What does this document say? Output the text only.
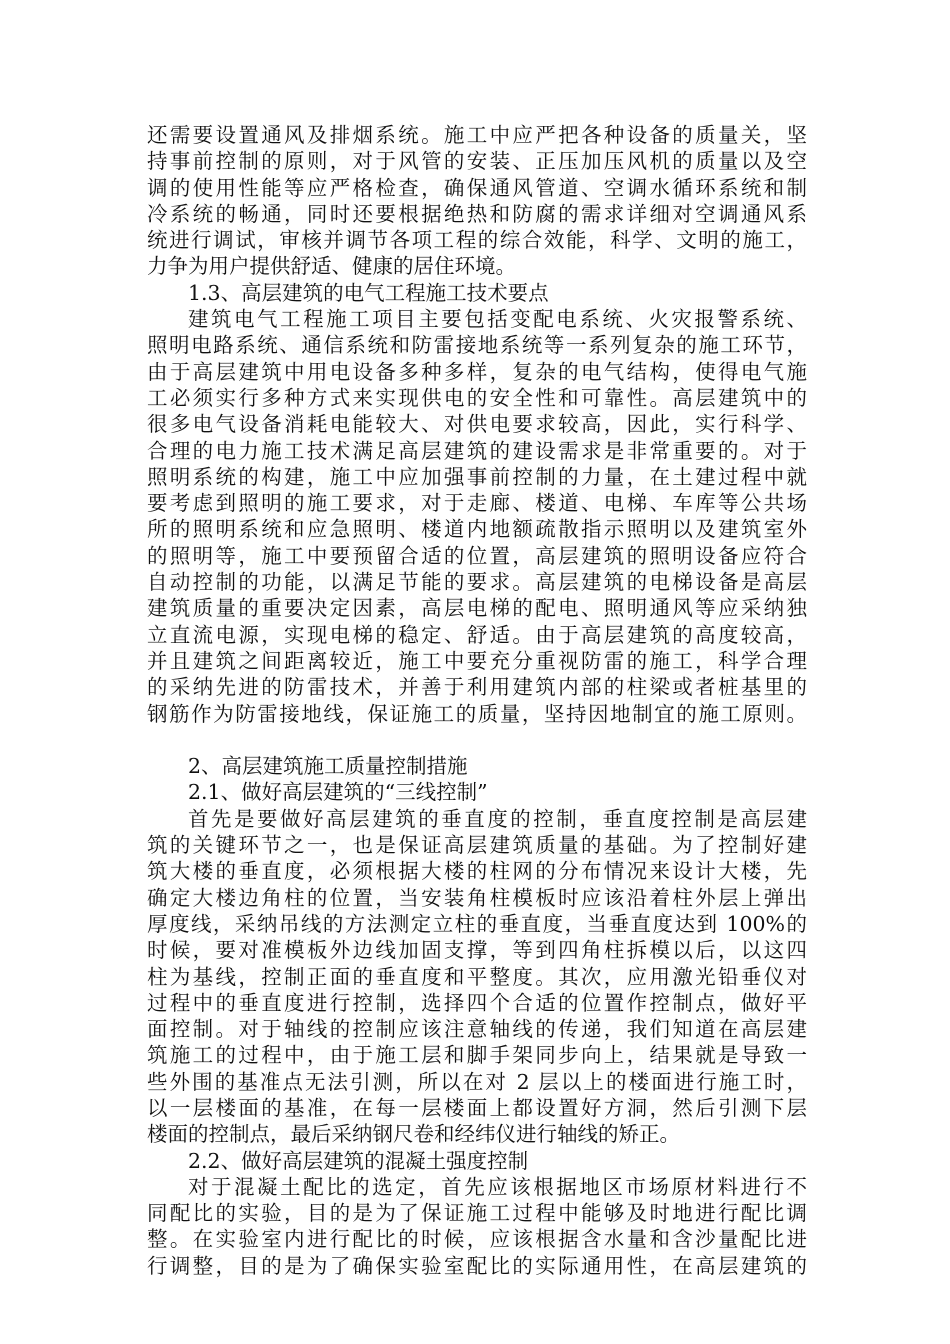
还需要设置通风及排烟系统。施工中应严把各种设备的质量关，坚
持事前控制的原则，对于风管的安装、正压加压风机的质量以及空
调的使用性能等应严格检查，确保通风管道、空调水循环系统和制
冷系统的畅通，同时还要根据绝热和防腐的需求详细对空调通风系
统进行调试，审核并调节各项工程的综合效能，科学、文明的施工，
力争为用户提供舒适、健康的居住环境。
1.3、高层建筑的电气工程施工技术要点
建筑电气工程施工项目主要包括变配电系统、火灾报警系统、
照明电路系统、通信系统和防雷接地系统等一系列复杂的施工环节，
由于高层建筑中用电设备多种多样，复杂的电气结构，使得电气施
工必须实行多种方式来实现供电的安全性和可靠性。高层建筑中的
很多电气设备消耗电能较大、对供电要求较高，因此，实行科学、
合理的电力施工技术满足高层建筑的建设需求是非常重要的。对于
照明系统的构建，施工中应加强事前控制的力量，在土建过程中就
要考虑到照明的施工要求，对于走廊、楼道、电梯、车库等公共场
所的照明系统和应急照明、楼道内地额疏散指示照明以及建筑室外
的照明等，施工中要预留合适的位置，高层建筑的照明设备应符合
自动控制的功能，以满足节能的要求。高层建筑的电梯设备是高层
建筑质量的重要决定因素，高层电梯的配电、照明通风等应采纳独
立直流电源，实现电梯的稳定、舒适。由于高层建筑的高度较高，
并且建筑之间距离较近，施工中要充分重视防雷的施工，科学合理
的采纳先进的防雷技术，并善于利用建筑内部的柱梁或者桩基里的
钢筋作为防雷接地线，保证施工的质量，坚持因地制宜的施工原则。
2、高层建筑施工质量控制措施
2.1、做好高层建筑的“三线控制”
首先是要做好高层建筑的垂直度的控制，垂直度控制是高层建
筑的关键环节之一，也是保证高层建筑质量的基础。为了控制好建
筑大楼的垂直度，必须根据大楼的柱网的分布情况来设计大楼，先
确定大楼边角柱的位置，当安装角柱模板时应该沿着柱外层上弹出
厚度线，采纳吊线的方法测定立柱的垂直度，当垂直度达到 100%的
时候，要对准模板外边线加固支撑，等到四角柱拆模以后，以这四
柱为基线，控制正面的垂直度和平整度。其次，应用激光铅垂仪对
过程中的垂直度进行控制，选择四个合适的位置作控制点，做好平
面控制。对于轴线的控制应该注意轴线的传递，我们知道在高层建
筑施工的过程中，由于施工层和脚手架同步向上，结果就是导致一
些外围的基准点无法引测，所以在对 2 层以上的楼面进行施工时，
以一层楼面的基准，在每一层楼面上都设置好方洞，然后引测下层
楼面的控制点，最后采纳钢尺卷和经纬仪进行轴线的矫正。
2.2、做好高层建筑的混凝土强度控制
对于混凝土配比的选定，首先应该根据地区市场原材料进行不
同配比的实验，目的是为了保证施工过程中能够及时地进行配比调
整。在实验室内进行配比的时候，应该根据含水量和含沙量配比进
行调整，目的是为了确保实验室配比的实际通用性，在高层建筑的
